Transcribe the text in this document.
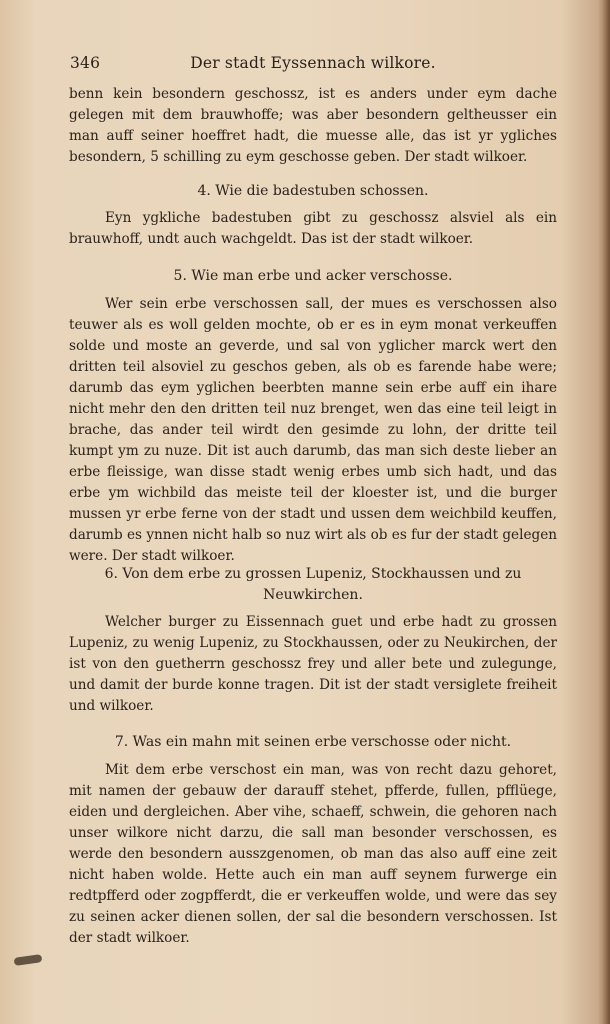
346	Der stadt Eyssennach wilkore.

benn kein besondern geschossz, ist es anders under eym dache gelegen mit dem brauwhoffe; was aber besondern geltheusser ein man auff seiner hoeffret hadt, die muesse alle, das ist yr ygliches besondern, 5 schilling zu eym geschosse geben. Der stadt wilkoer.

4. Wie die badestuben schossen.

Eyn ygkliche badestuben gibt zu geschossz alsviel als ein brauwhoff, undt auch wachgeldt. Das ist der stadt wilkoer.

5. Wie man erbe und acker verschosse.

Wer sein erbe verschossen sall, der mues es verschossen also teuwer als es woll gelden mochte, ob er es in eym monat verkeuffen solde und moste an geverde, und sal von yglicher marck wert den dritten teil alsoviel zu geschos geben, als ob es farende habe were; darumb das eym yglichen beerbten manne sein erbe auff ein ihare nicht mehr den den dritten teil nuz brenget, wen das eine teil leigt in brache, das ander teil wirdt den gesimde zu lohn, der dritte teil kumpt ym zu nuze. Dit ist auch darumb, das man sich deste lieber an erbe fleissige, wan disse stadt wenig erbes umb sich hadt, und das erbe ym wichbild das meiste teil der kloester ist, und die burger mussen yr erbe ferne von der stadt und ussen dem weichbild keuffen, darumb es ynnen nicht halb so nuz wirt als ob es fur der stadt gelegen were. Der stadt wilkoer.

6. Von dem erbe zu grossen Lupeniz, Stockhaussen und zu
Neuwkirchen.

Welcher burger zu Eissennach guet und erbe hadt zu grossen Lupeniz, zu wenig Lupeniz, zu Stockhaussen, oder zu Neukirchen, der ist von den guetherrn geschossz frey und aller bete und zulegunge, und damit der burde konne tragen. Dit ist der stadt versiglete freiheit und wilkoer.

7. Was ein mahn mit seinen erbe verschosse oder nicht.

Mit dem erbe verschost ein man, was von recht dazu gehoret, mit namen der gebauw der darauff stehet, pfferde, fullen, pfflüege, eiden und dergleichen. Aber vihe, schaeff, schwein, die gehoren nach unser wilkore nicht darzu, die sall man besonder verschossen, es werde den besondern ausszgenomen, ob man das also auff eine zeit nicht haben wolde. Hette auch ein man auff seynem furwerge ein redtpfferd oder zogpfferdt, die er verkeuffen wolde, und were das sey zu seinen acker dienen sollen, der sal die besondern verschossen. Ist der stadt wilkoer.
